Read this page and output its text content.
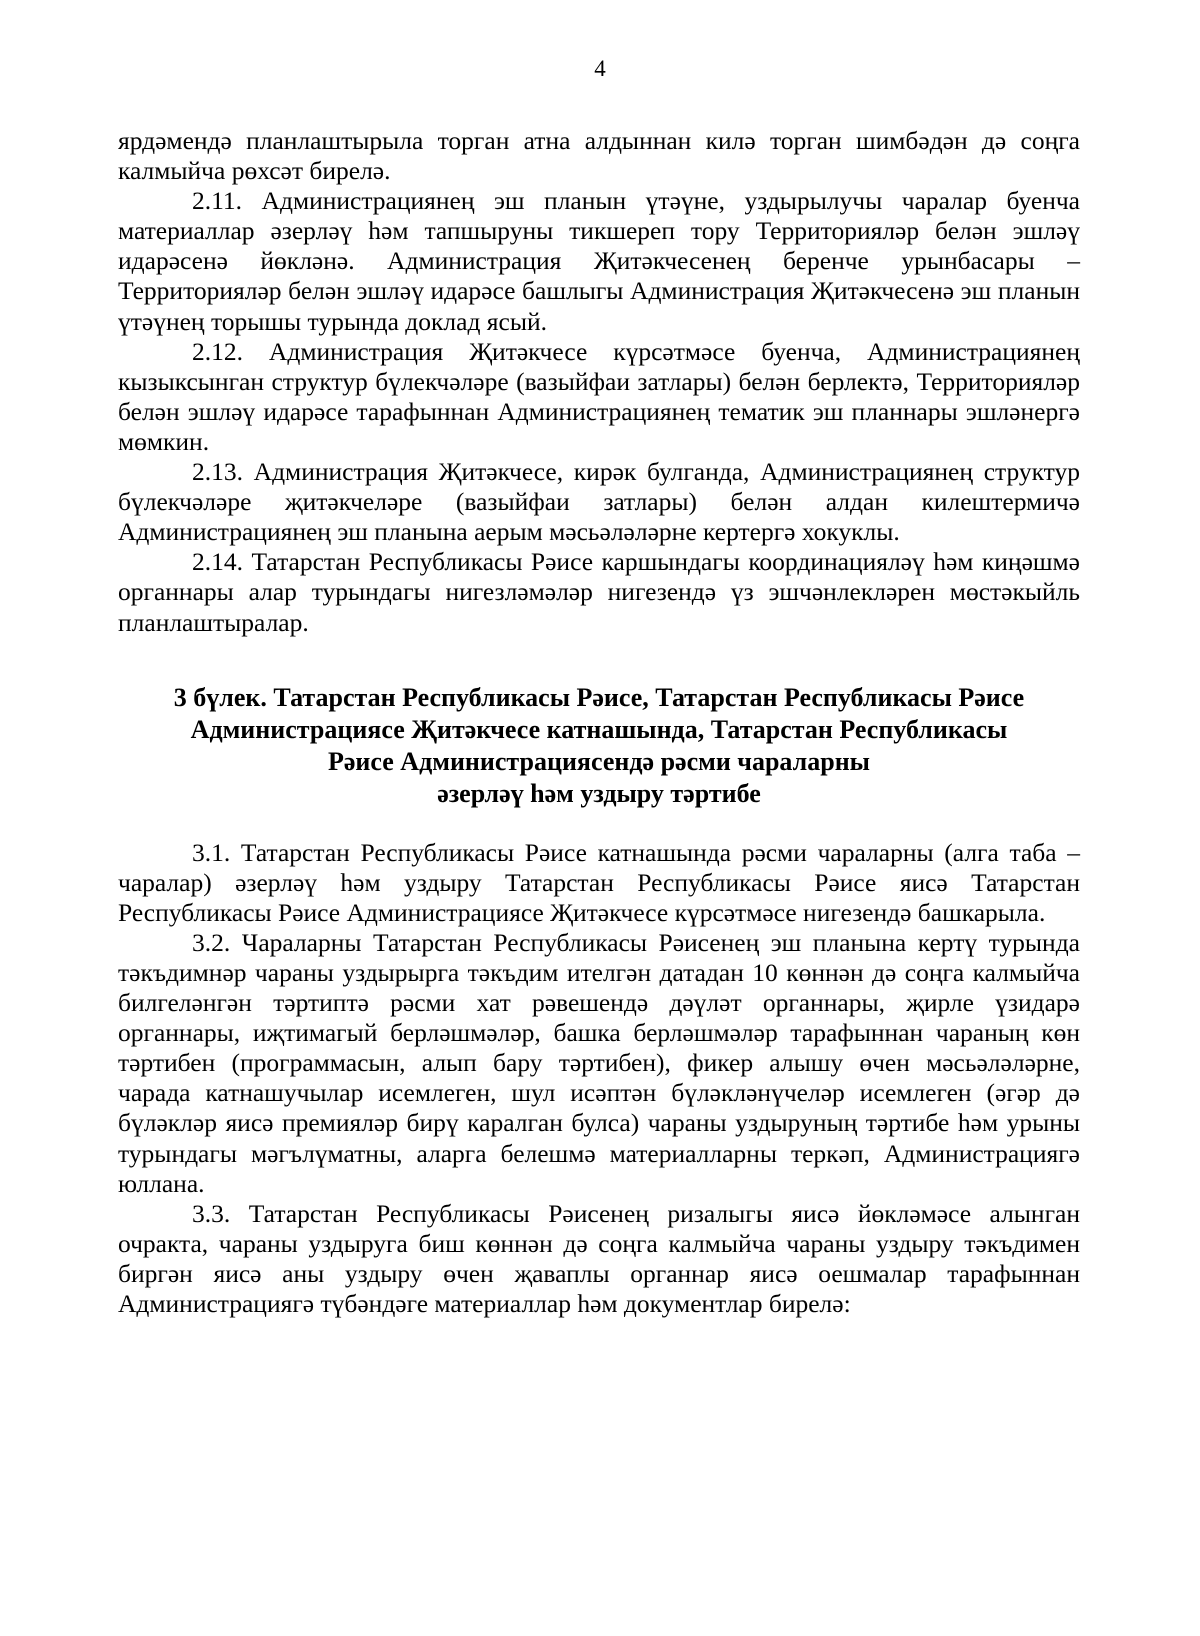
4

ярдәмендә планлаштырыла торган атна алдыннан килә торган шимбәдән дә соңга калмыйча рөхсәт бирелә.

2.11. Администрациянең эш планын үтәүне, уздырылучы чаралар буенча материаллар әзерләү һәм тапшыруны тикшереп тору Территорияләр белән эшләү идарәсенә йөкләнә. Администрация Җитәкчесенең беренче урынбасары – Территорияләр белән эшләү идарәсе башлыгы Администрация Җитәкчесенә эш планын үтәүнең торышы турында доклад ясый.

2.12. Администрация Җитәкчесе күрсәтмәсе буенча, Администрациянең кызыксынган структур бүлекчәләре (вазыйфаи затлары) белән берлектә, Территорияләр белән эшләү идарәсе тарафыннан Администрациянең тематик эш планнары эшләнергә мөмкин.

2.13. Администрация Җитәкчесе, кирәк булганда, Администрациянең структур бүлекчәләре җитәкчеләре (вазыйфаи затлары) белән алдан килештермичә Администрациянең эш планына аерым мәсьәләләрне кертергә хокуклы.

2.14. Татарстан Республикасы Рәисе каршындагы координацияләү һәм киңәшмә органнары алар турындагы нигезләмәләр нигезендә үз эшчәнлекләрен мөстәкыйль планлаштыралар.

3 бүлек. Татарстан Республикасы Рәисе, Татарстан Республикасы Рәисе
Администрациясе Җитәкчесе катнашында, Татарстан Республикасы
Рәисе Администрациясендә рәсми чараларны
әзерләү һәм уздыру тәртибе

3.1. Татарстан Республикасы Рәисе катнашында рәсми чараларны (алга таба – чаралар) әзерләү һәм уздыру Татарстан Республикасы Рәисе яисә Татарстан Республикасы Рәисе Администрациясе Җитәкчесе күрсәтмәсе нигезендә башкарыла.

3.2. Чараларны Татарстан Республикасы Рәисенең эш планына кертү турында тәкъдимнәр чараны уздырырга тәкъдим ителгән датадан 10 көннән дә соңга калмыйча билгеләнгән тәртиптә рәсми хат рәвешендә дәүләт органнары, җирле үзидарә органнары, иҗтимагый берләшмәләр, башка берләшмәләр тарафыннан чараның көн тәртибен (программасын, алып бару тәртибен), фикер алышу өчен мәсьәләләрне, чарада катнашучылар исемлеген, шул исәптән бүләкләнүчеләр исемлеген (әгәр дә бүләкләр яисә премияләр бирү каралган булса) чараны уздыруның тәртибе һәм урыны турындагы мәгълүматны, аларга белешмә материалларны теркәп, Администрациягә юллана.

3.3. Татарстан Республикасы Рәисенең ризалыгы яисә йөкләмәсе алынган очракта, чараны уздыруга биш көннән дә соңга калмыйча чараны уздыру тәкъдимен биргән яисә аны уздыру өчен җаваплы органнар яисә оешмалар тарафыннан Администрациягә түбәндәге материаллар һәм документлар бирелә:
